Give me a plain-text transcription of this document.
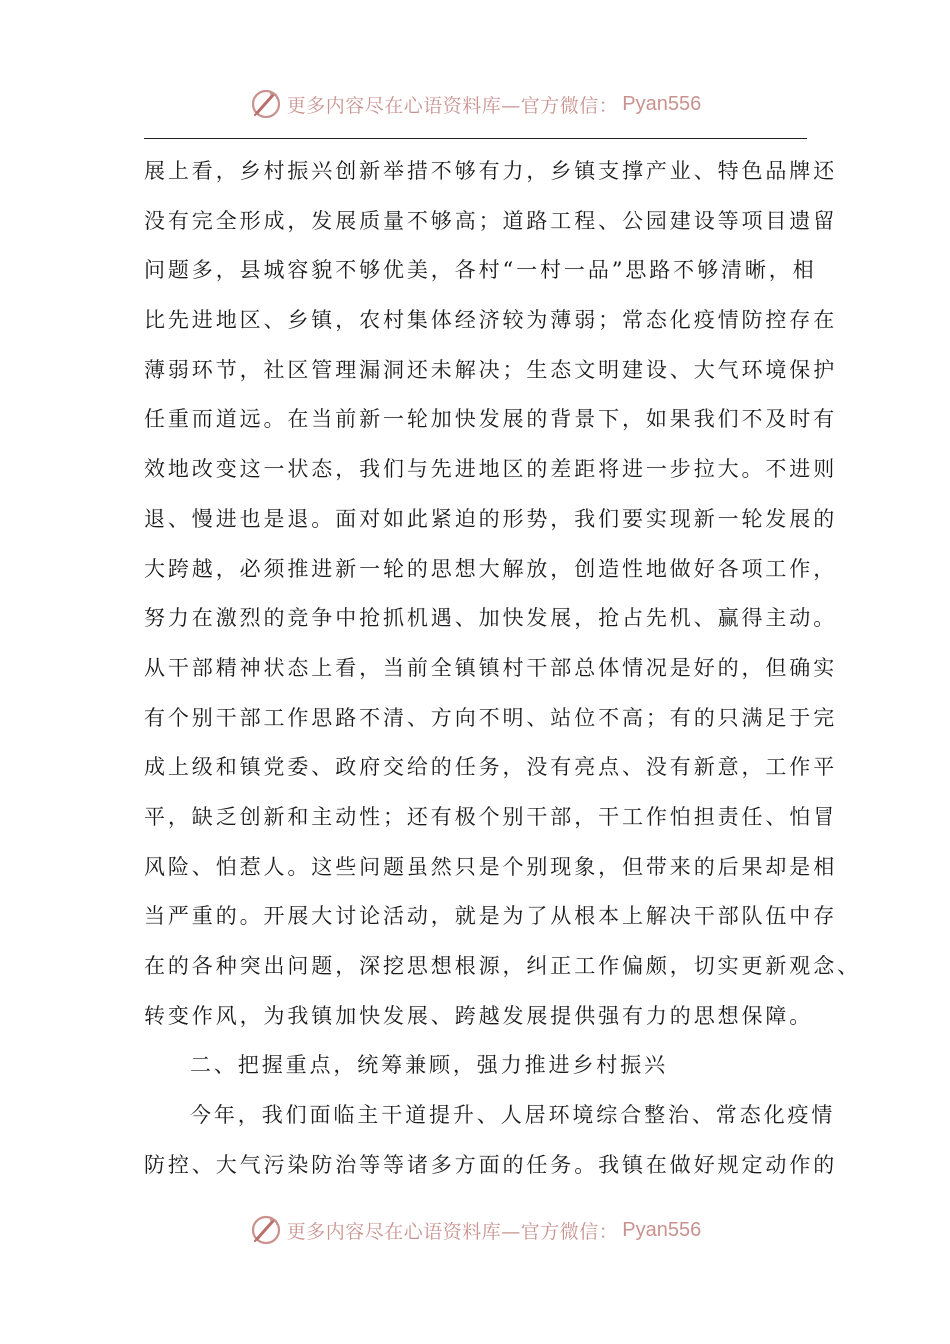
更多内容尽在心语资料库—官方微信： Pyan556
展上看，乡村振兴创新举措不够有力，乡镇支撑产业、特色品牌还
没有完全形成，发展质量不够高；道路工程、公园建设等项目遗留
问题多，县城容貌不够优美，各村“一村一品”思路不够清晰，相
比先进地区、乡镇，农村集体经济较为薄弱；常态化疫情防控存在
薄弱环节，社区管理漏洞还未解决；生态文明建设、大气环境保护
任重而道远。在当前新一轮加快发展的背景下，如果我们不及时有
效地改变这一状态，我们与先进地区的差距将进一步拉大。不进则
退、慢进也是退。面对如此紧迫的形势，我们要实现新一轮发展的
大跨越，必须推进新一轮的思想大解放，创造性地做好各项工作，
努力在激烈的竞争中抢抓机遇、加快发展，抢占先机、赢得主动。
从干部精神状态上看，当前全镇镇村干部总体情况是好的，但确实
有个别干部工作思路不清、方向不明、站位不高；有的只满足于完
成上级和镇党委、政府交给的任务，没有亮点、没有新意，工作平
平，缺乏创新和主动性；还有极个别干部，干工作怕担责任、怕冒
风险、怕惹人。这些问题虽然只是个别现象，但带来的后果却是相
当严重的。开展大讨论活动，就是为了从根本上解决干部队伍中存
在的各种突出问题，深挖思想根源，纠正工作偏颇，切实更新观念、
转变作风，为我镇加快发展、跨越发展提供强有力的思想保障。
二、把握重点，统筹兼顾，强力推进乡村振兴
今年，我们面临主干道提升、人居环境综合整治、常态化疫情
防控、大气污染防治等等诸多方面的任务。我镇在做好规定动作的
更多内容尽在心语资料库—官方微信： Pyan556
